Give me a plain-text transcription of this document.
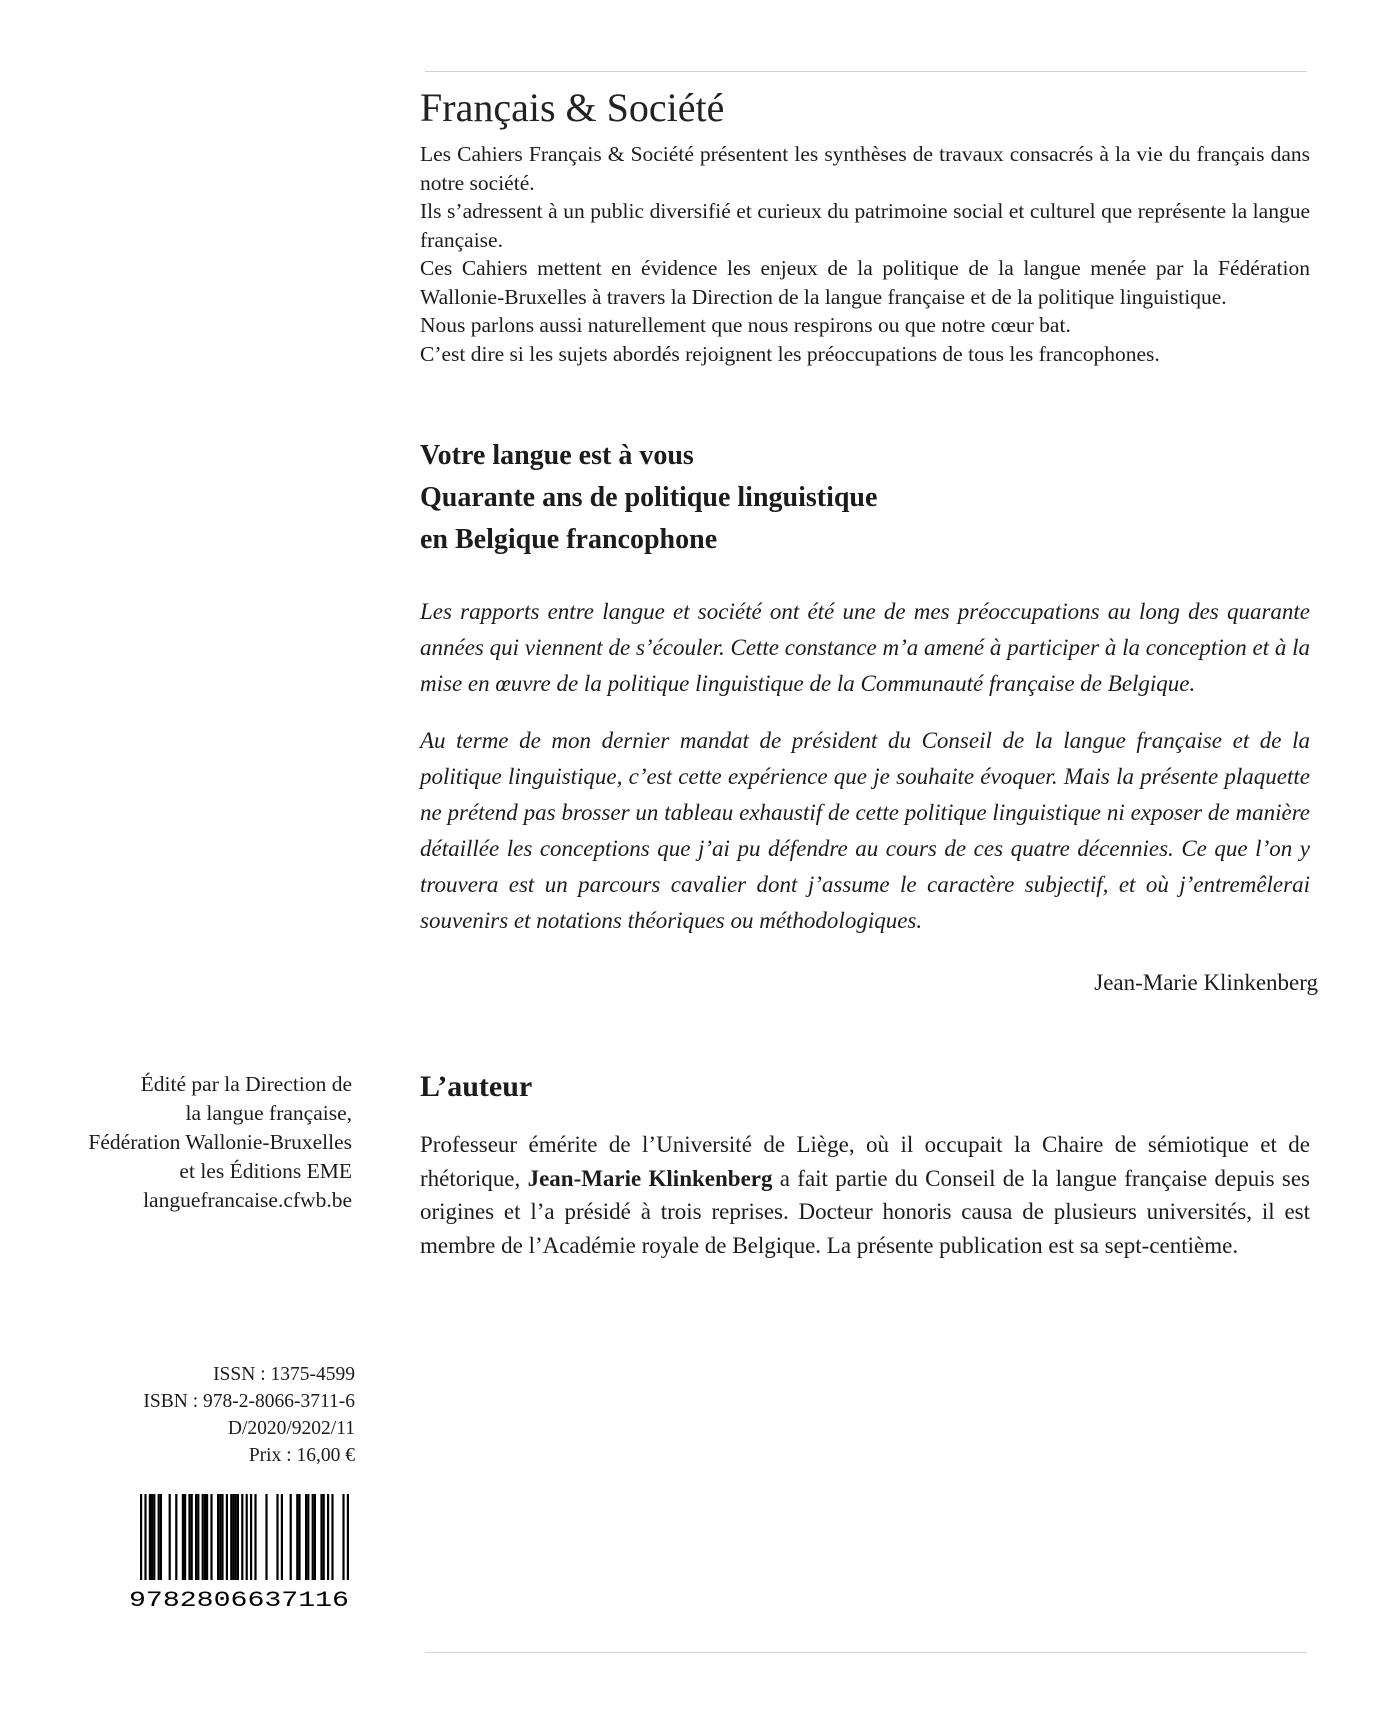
Français & Société

Les Cahiers Français & Société présentent les synthèses de travaux consacrés à la vie du français dans notre société.

Ils s’adressent à un public diversifié et curieux du patrimoine social et culturel que représente la langue française.

Ces Cahiers mettent en évidence les enjeux de la politique de la langue menée par la Fédération Wallonie-Bruxelles à travers la Direction de la langue française et de la politique linguistique.

Nous parlons aussi naturellement que nous respirons ou que notre cœur bat.

C’est dire si les sujets abordés rejoignent les préoccupations de tous les francophones.

Votre langue est à vous
Quarante ans de politique linguistique
en Belgique francophone

Les rapports entre langue et société ont été une de mes préoccupations au long des quarante années qui viennent de s’écouler. Cette constance m’a amené à participer à la conception et à la mise en œuvre de la politique linguistique de la Communauté française de Belgique.

Au terme de mon dernier mandat de président du Conseil de la langue française et de la politique linguistique, c’est cette expérience que je souhaite évoquer. Mais la présente plaquette ne prétend pas brosser un tableau exhaustif de cette politique linguistique ni exposer de manière détaillée les conceptions que j’ai pu défendre au cours de ces quatre décennies. Ce que l’on y trouvera est un parcours cavalier dont j’assume le caractère subjectif, et où j’entremêlerai souvenirs et notations théoriques ou méthodologiques.

Jean-Marie Klinkenberg
L’auteur

Professeur émérite de l’Université de Liège, où il occupait la Chaire de sémiotique et de rhétorique, Jean-Marie Klinkenberg a fait partie du Conseil de la langue française depuis ses origines et l’a présidé à trois reprises. Docteur honoris causa de plusieurs universités, il est membre de l’Académie royale de Belgique. La présente publication est sa sept-centième.

Édité par la Direction de
la langue française,
Fédération Wallonie-Bruxelles
et les Éditions EME
languefrancaise.cfwb.be
ISSN : 1375-4599
ISBN : 978-2-8066-3711-6
D/2020/9202/11
Prix : 16,00 €
9782806637116
